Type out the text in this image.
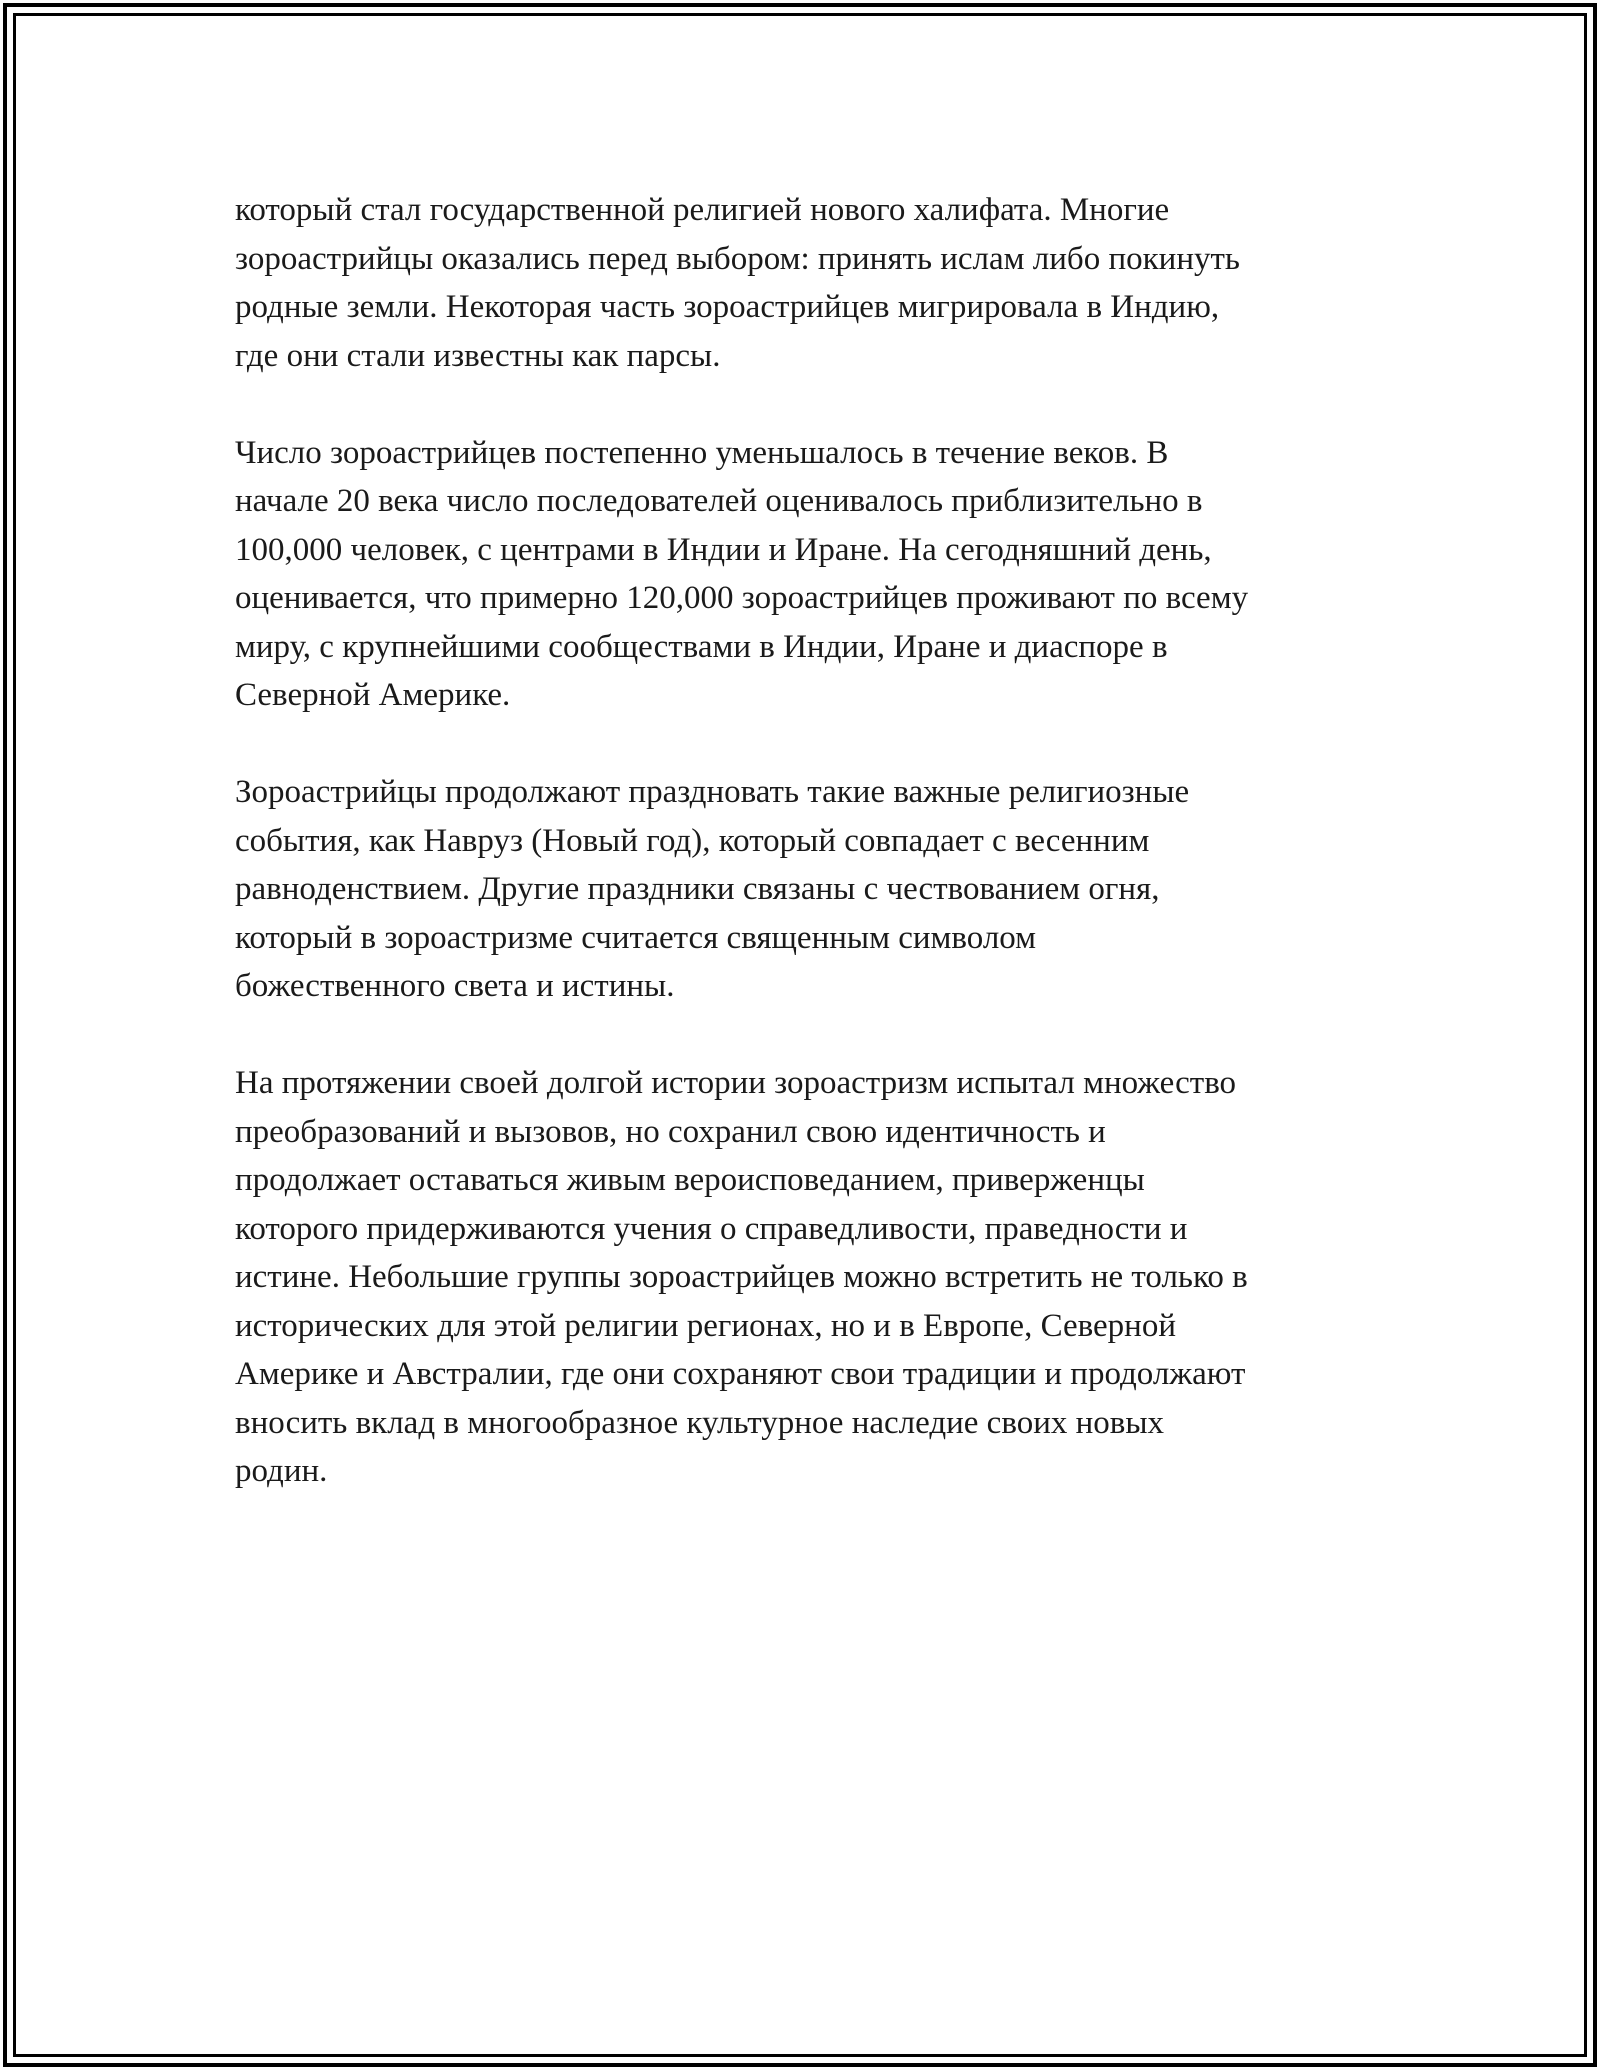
который стал государственной религией нового халифата. Многие
зороастрийцы оказались перед выбором: принять ислам либо покинуть
родные земли. Некоторая часть зороастрийцев мигрировала в Индию,
где они стали известны как парсы.

Число зороастрийцев постепенно уменьшалось в течение веков. В
начале 20 века число последователей оценивалось приблизительно в
100,000 человек, с центрами в Индии и Иране. На сегодняшний день,
оценивается, что примерно 120,000 зороастрийцев проживают по всему
миру, с крупнейшими сообществами в Индии, Иране и диаспоре в
Северной Америке.

Зороастрийцы продолжают праздновать такие важные религиозные
события, как Навруз (Новый год), который совпадает с весенним
равноденствием. Другие праздники связаны с чествованием огня,
который в зороастризме считается священным символом
божественного света и истины.

На протяжении своей долгой истории зороастризм испытал множество
преобразований и вызовов, но сохранил свою идентичность и
продолжает оставаться живым вероисповеданием, приверженцы
которого придерживаются учения о справедливости, праведности и
истине. Небольшие группы зороастрийцев можно встретить не только в
исторических для этой религии регионах, но и в Европе, Северной
Америке и Австралии, где они сохраняют свои традиции и продолжают
вносить вклад в многообразное культурное наследие своих новых
родин.
